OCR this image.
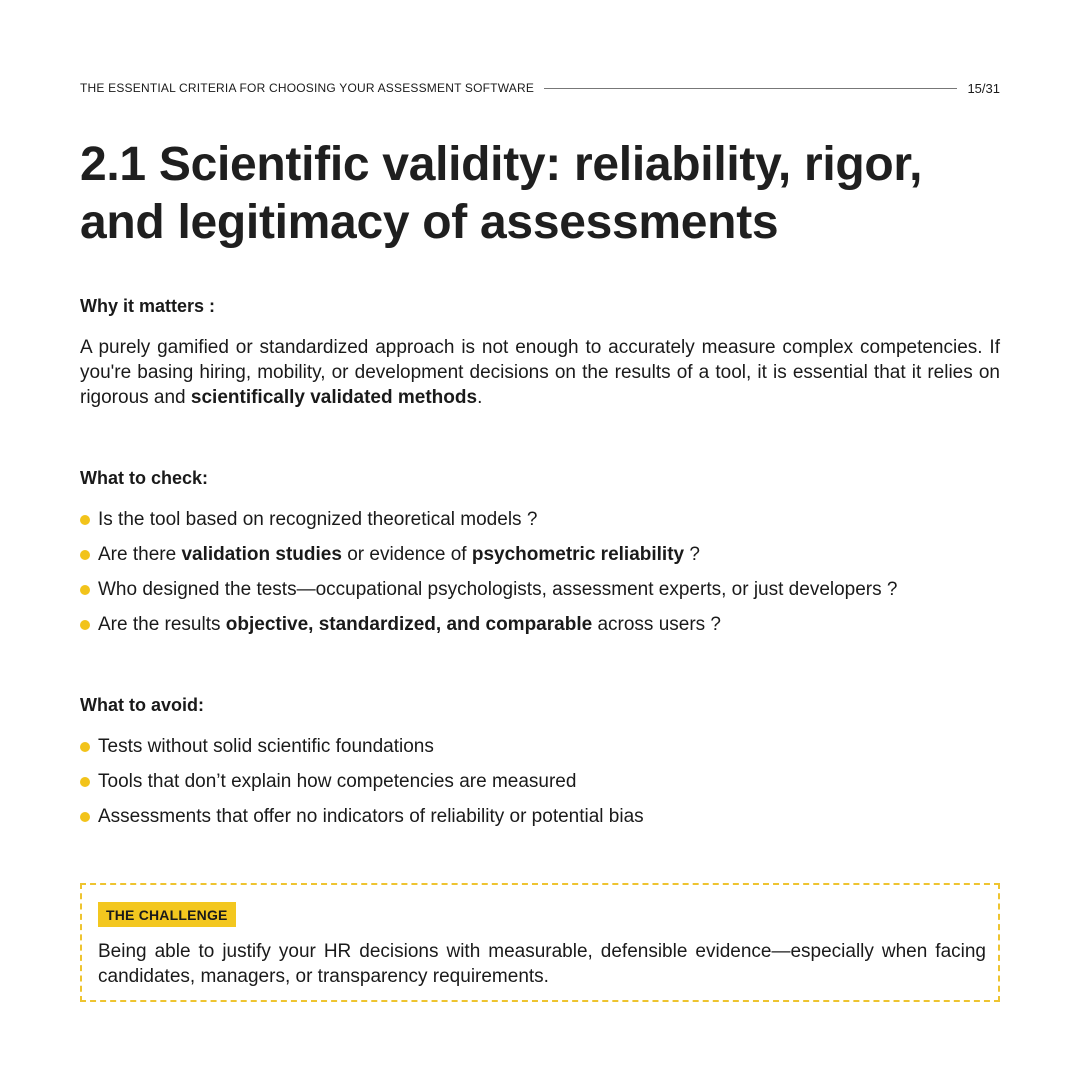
THE ESSENTIAL CRITERIA FOR CHOOSING YOUR ASSESSMENT SOFTWARE	15/31
2.1 Scientific validity: reliability, rigor, and legitimacy of assessments

Why it matters :

A purely gamified or standardized approach is not enough to accurately measure complex competencies. If you're basing hiring, mobility, or development decisions on the results of a tool, it is essential that it relies on rigorous and scientifically validated methods.

What to check:

Is the tool based on recognized theoretical models ?
Are there validation studies or evidence of psychometric reliability ?
Who designed the tests—occupational psychologists, assessment experts, or just developers ?
Are the results objective, standardized, and comparable across users ?

What to avoid:

Tests without solid scientific foundations
Tools that don’t explain how competencies are measured
Assessments that offer no indicators of reliability or potential bias
THE CHALLENGE

Being able to justify your HR decisions with measurable, defensible evidence—especially when facing candidates, managers, or transparency requirements.
